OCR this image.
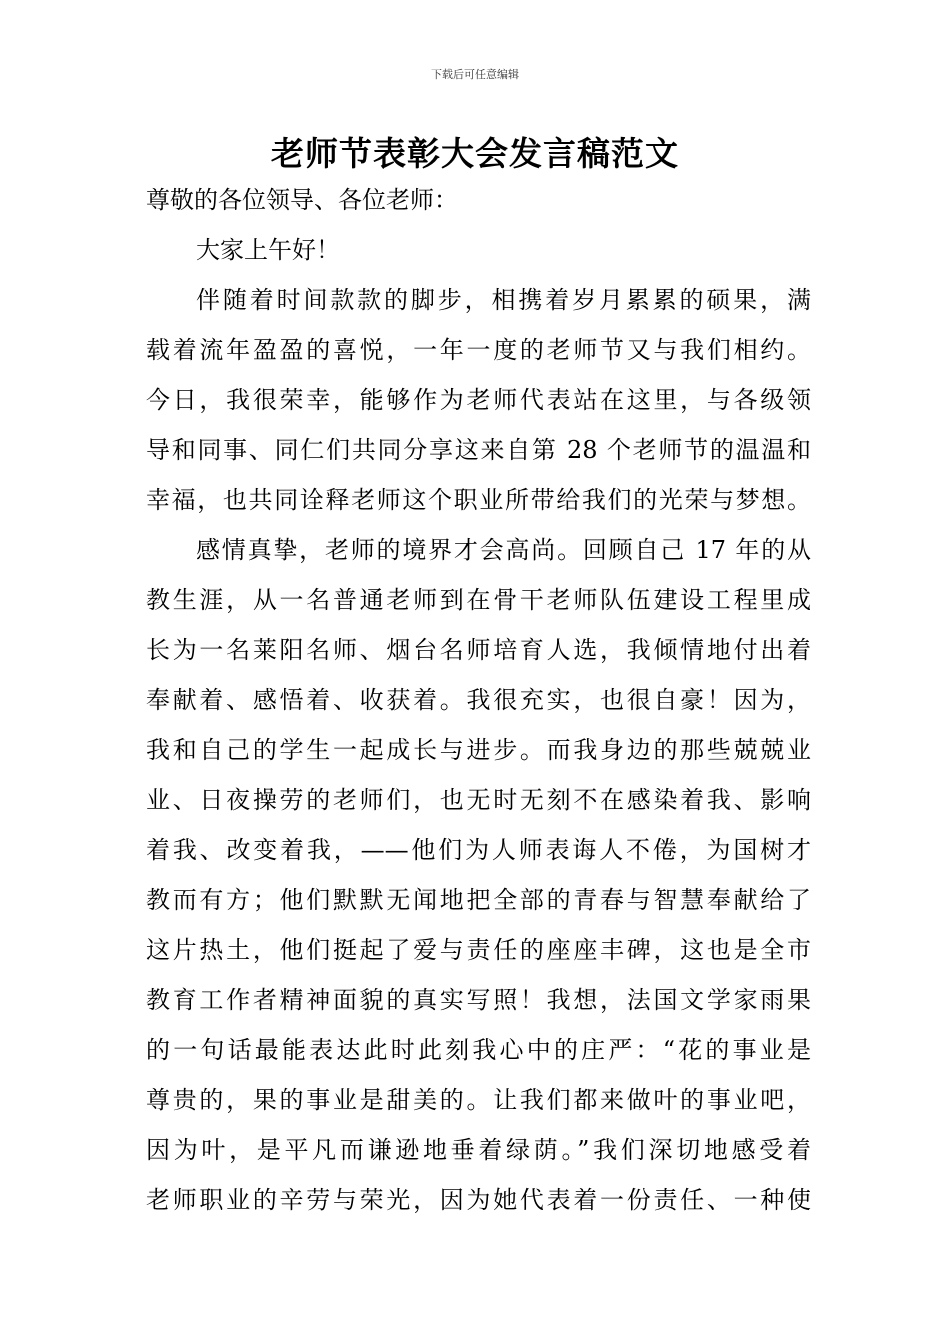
下载后可任意编辑
老师节表彰大会发言稿范文

尊敬的各位领导、各位老师：

大家上午好！

伴随着时间款款的脚步，相携着岁月累累的硕果，满

载着流年盈盈的喜悦，一年一度的老师节又与我们相约。

今日，我很荣幸，能够作为老师代表站在这里，与各级领

导和同事、同仁们共同分享这来自第 28 个老师节的温温和

幸福，也共同诠释老师这个职业所带给我们的光荣与梦想。

感情真挚，老师的境界才会高尚。回顾自己 17 年的从

教生涯，从一名普通老师到在骨干老师队伍建设工程里成

长为一名莱阳名师、烟台名师培育人选，我倾情地付出着

奉献着、感悟着、收获着。我很充实，也很自豪！因为，

我和自己的学生一起成长与进步。而我身边的那些兢兢业

业、日夜操劳的老师们，也无时无刻不在感染着我、影响

着我、改变着我，——他们为人师表诲人不倦，为国树才

教而有方；他们默默无闻地把全部的青春与智慧奉献给了

这片热土，他们挺起了爱与责任的座座丰碑，这也是全市

教育工作者精神面貌的真实写照！我想，法国文学家雨果

的一句话最能表达此时此刻我心中的庄严：“花的事业是

尊贵的，果的事业是甜美的。让我们都来做叶的事业吧，

因为叶，是平凡而谦逊地垂着绿荫。”我们深切地感受着

老师职业的辛劳与荣光，因为她代表着一份责任、一种使
